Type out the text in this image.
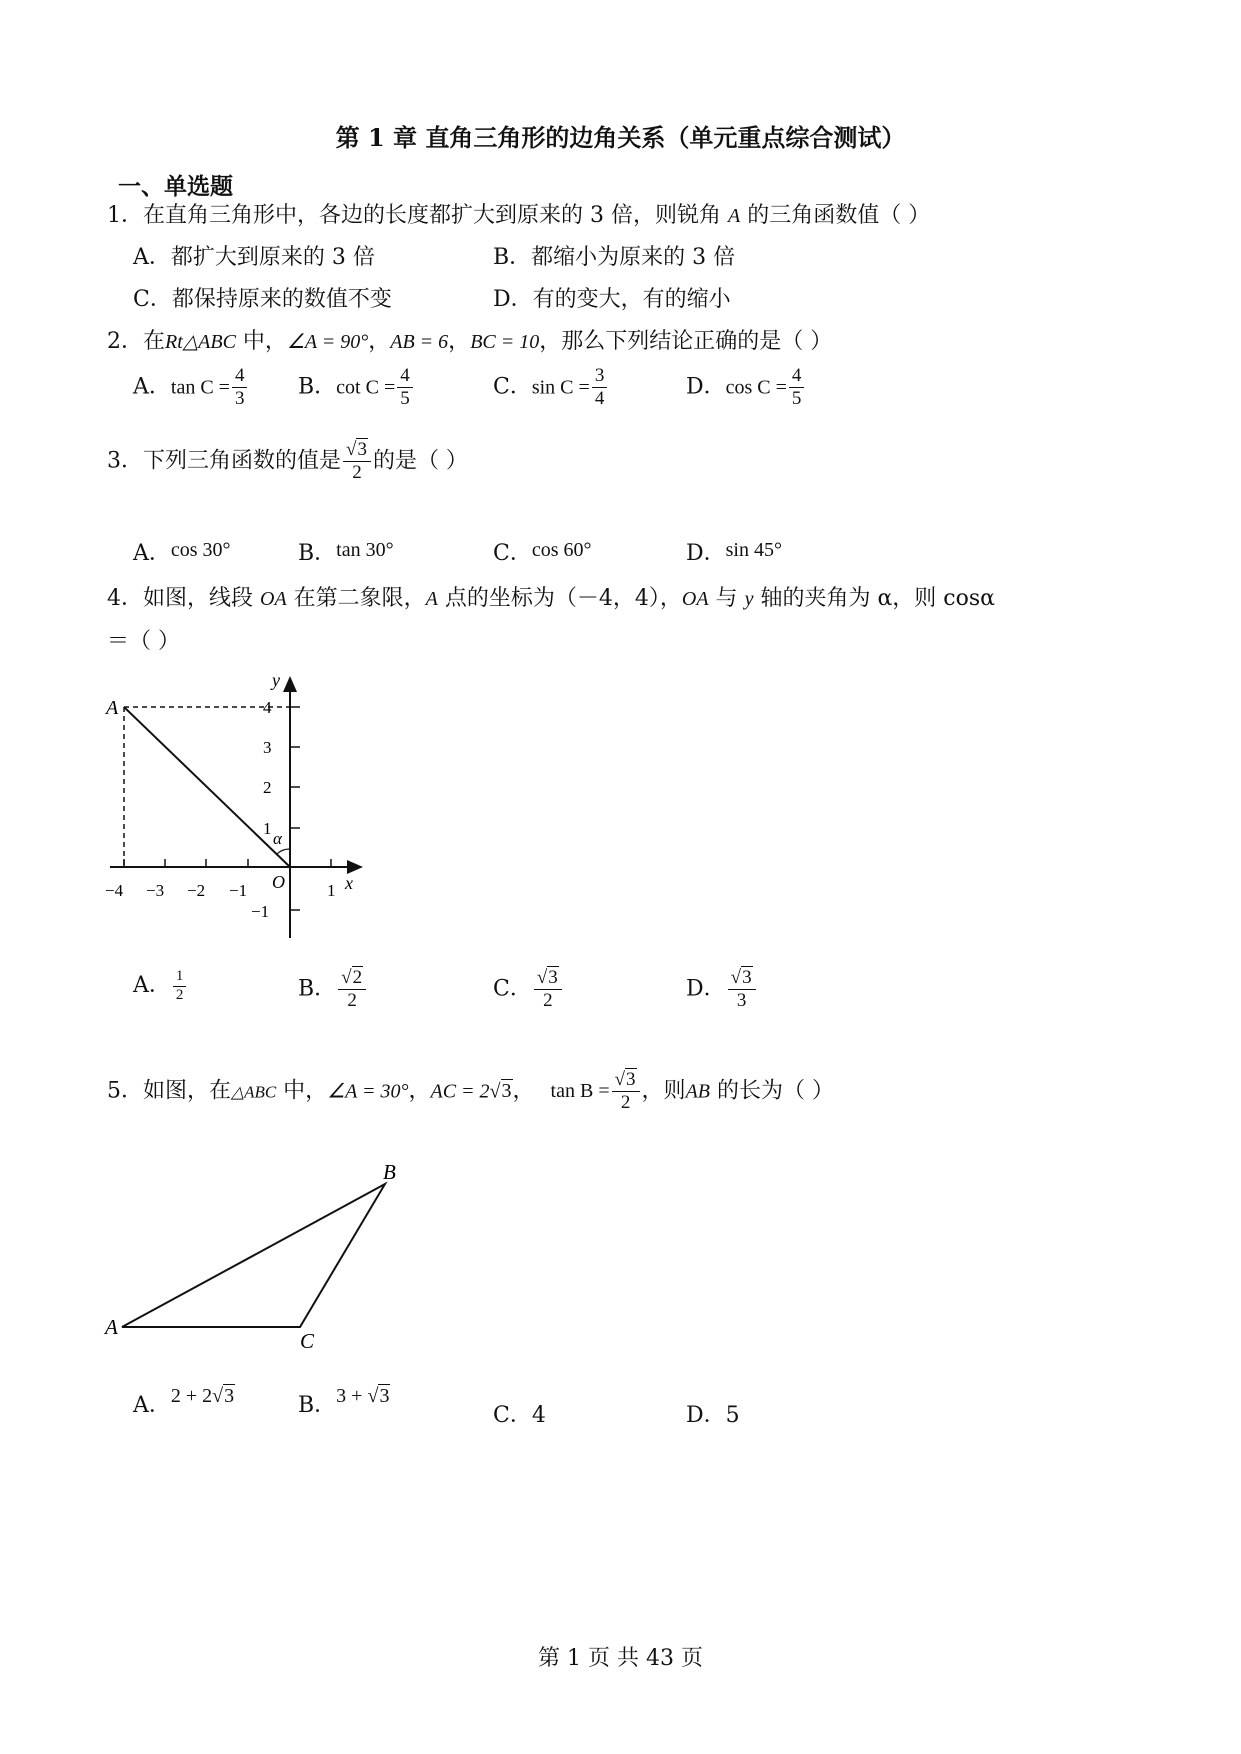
第 1 章 直角三角形的边角关系（单元重点综合测试）
一、单选题
1．在直角三角形中，各边的长度都扩大到原来的 3 倍，则锐角 A 的三角函数值（ ）
A．都扩大到原来的 3 倍	B．都缩小为原来的 3 倍
C．都保持原来的数值不变	D．有的变大，有的缩小
2．在Rt△ABC 中，∠A = 90°，AB = 6，BC = 10，那么下列结论正确的是（ ）
A．$\tan C = \frac{4}{3}$ B．$\cot C = \frac{4}{5}$	C．$\sin C = \frac{3}{4}$	D．$\cos C = \frac{4}{5}$
3．下列三角函数的值是 $\frac{√3}{2}$ 的是（ ）
A．cos 30°	B．tan 30°	C．cos 60°	D．sin 45°
4．如图，线段 OA 在第二象限，A 点的坐标为（－4，4），OA 与 y 轴的夹角为 α，则 cosα
＝（ ）
A
O	x
y
α
−4 −3 −2 −1	1
4
3
2
1
−1
A． $\frac{1}{2}$	B． $\frac{√2}{2}$	C． $\frac{√3}{2}$	D． $\frac{√3}{3}$
5．如图，在△ABC 中，∠A = 30°，AC = 2√3， $\tan B = \frac{√3}{2}$ ，则AB 的长为（ ）
A
B
C
A．2 + 2√3	B．3 + √3
C．4	D．5
第 1 页 共 43 页
